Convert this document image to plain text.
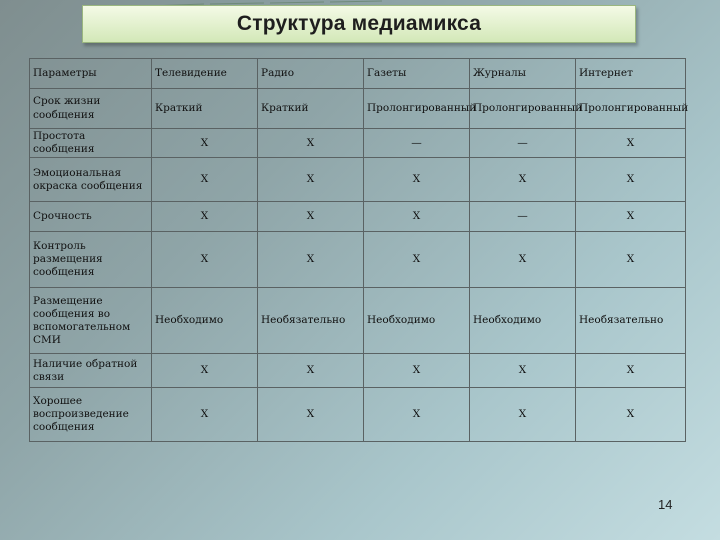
Структура медиамикса
Параметры	Телевидение	Радио	Газеты	Журналы	Интернет
Срок жизни сообщения	Краткий	Краткий	Пролонгированный	Пролонгированный	Пролонгированный
Простота сообщения	Х	Х	—	—	Х
Эмоциональная окраска сообщения	Х	Х	Х	Х	Х
Срочность	Х	Х	Х	—	Х
Контроль размещения сообщения	Х	Х	Х	Х	Х
Размещение сообщения во вспомогательном СМИ	Необходимо	Необязательно	Необходимо	Необходимо	Необязательно
Наличие обратной связи	Х	Х	Х	Х	Х
Хорошее воспроизведение сообщения	Х	Х	Х	Х	Х
14
